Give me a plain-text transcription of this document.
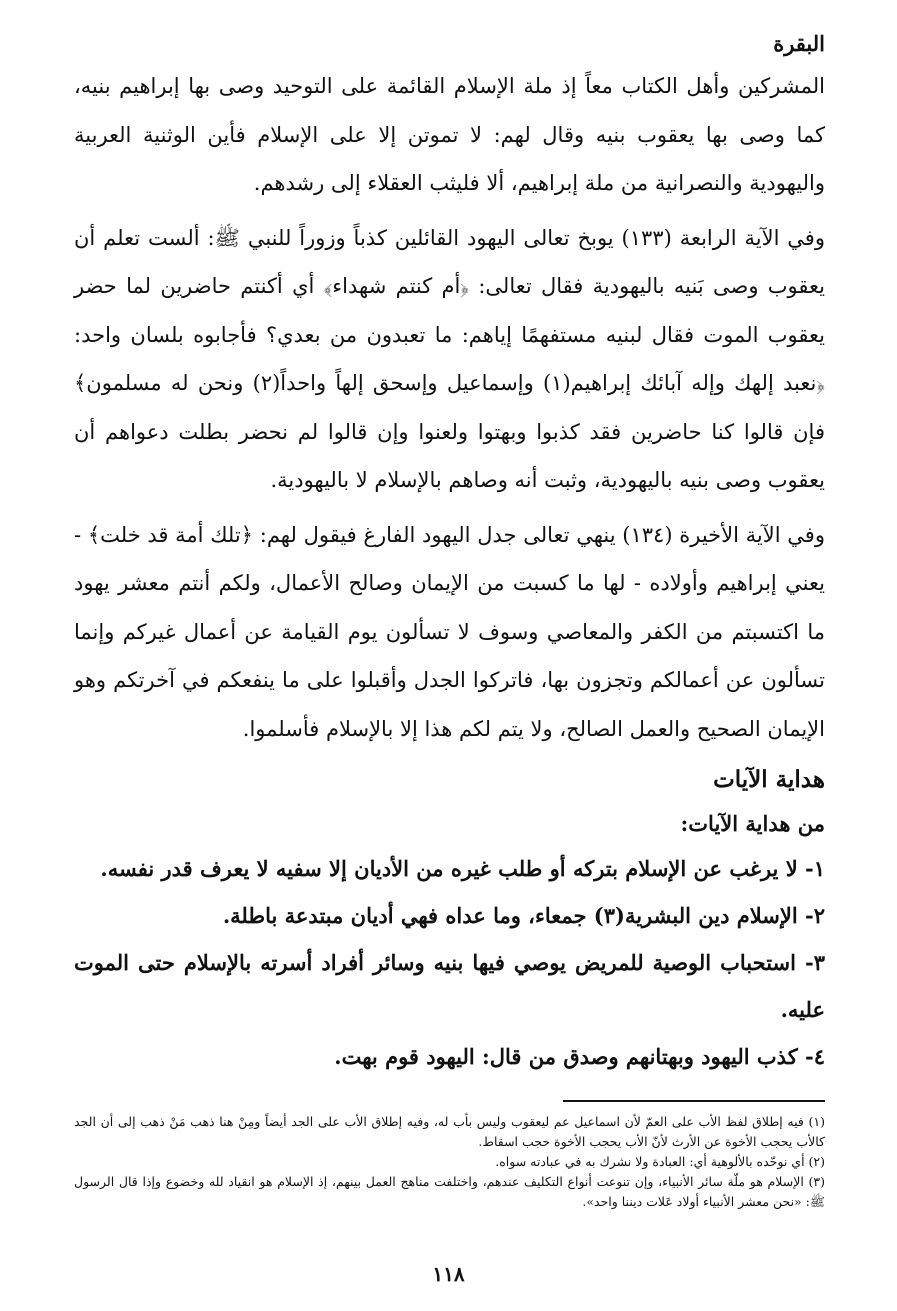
البقرة

المشركين وأهل الكتاب معاً إذ ملة الإسلام القائمة على التوحيد وصى بها إبراهيم بنيه، كما وصى بها يعقوب بنيه وقال لهم: لا تموتن إلا على الإسلام فأين الوثنية العربية واليهودية والنصرانية من ملة إبراهيم، ألا فليثب العقلاء إلى رشدهم.

وفي الآية الرابعة (١٣٣) يوبخ تعالى اليهود القائلين كذباً وزوراً للنبي ﷺ: ألست تعلم أن يعقوب وصى بَنيه باليهودية فقال تعالى: ﴿أم كنتم شهداء﴾ أي أكنتم حاضرين لما حضر يعقوب الموت فقال لبنيه مستفهمًا إياهم: ما تعبدون من بعدي؟ فأجابوه بلسان واحد: ﴿نعبد إلهك وإله آبائك إبراهيم(١) وإسماعيل وإسحق إلهاً واحداً(٢) ونحن له مسلمون﴾ فإن قالوا كنا حاضرين فقد كذبوا وبهتوا ولعنوا وإن قالوا لم نحضر بطلت دعواهم أن يعقوب وصى بنيه باليهودية، وثبت أنه وصاهم بالإسلام لا باليهودية.

وفي الآية الأخيرة (١٣٤) ينهي تعالى جدل اليهود الفارغ فيقول لهم: ﴿تلك أمة قد خلت﴾ - يعني إبراهيم وأولاده - لها ما كسبت من الإيمان وصالح الأعمال، ولكم أنتم معشر يهود ما اكتسبتم من الكفر والمعاصي وسوف لا تسألون يوم القيامة عن أعمال غيركم وإنما تسألون عن أعمالكم وتجزون بها، فاتركوا الجدل وأقبلوا على ما ينفعكم في آخرتكم وهو الإيمان الصحيح والعمل الصالح، ولا يتم لكم هذا إلا بالإسلام فأسلموا.

هداية الآيات
من هداية الآيات:

١- لا يرغب عن الإسلام بتركه أو طلب غيره من الأديان إلا سفيه لا يعرف قدر نفسه.

٢- الإسلام دين البشرية(٣) جمعاء، وما عداه فهي أديان مبتدعة باطلة.

٣- استحباب الوصية للمريض يوصي فيها بنيه وسائر أفراد أسرته بالإسلام حتى الموت عليه.

٤- كذب اليهود وبهتانهم وصدق من قال: اليهود قوم بهت.

(١) فيه إطلاق لفظ الأب على العمّ لأن اسماعيل عم ليعقوب وليس بأب له، وفيه إطلاق الأب على الجد أيضاً ومِنْ هنا ذهب مَنْ ذهب إلى أن الجد كالأب يحجب الأخوة عن الأرث لأنّ الأب يحجب الأخوة حجب اسقاط.

(٢) أي نوحّده بالألوهية أي: العبادة ولا نشرك به في عبادته سواه.

(٣) الإسلام هو ملّة سائر الأنبياء، وإن تنوعت أنواع التكليف عندهم، واختلفت مناهج العمل بينهم، إذ الإسلام هو انقياد لله وخضوع وإذا قال الرسول ﷺ: «نحن معشر الأنبياء أولاد عَلات ديننا واحد».

١١٨
